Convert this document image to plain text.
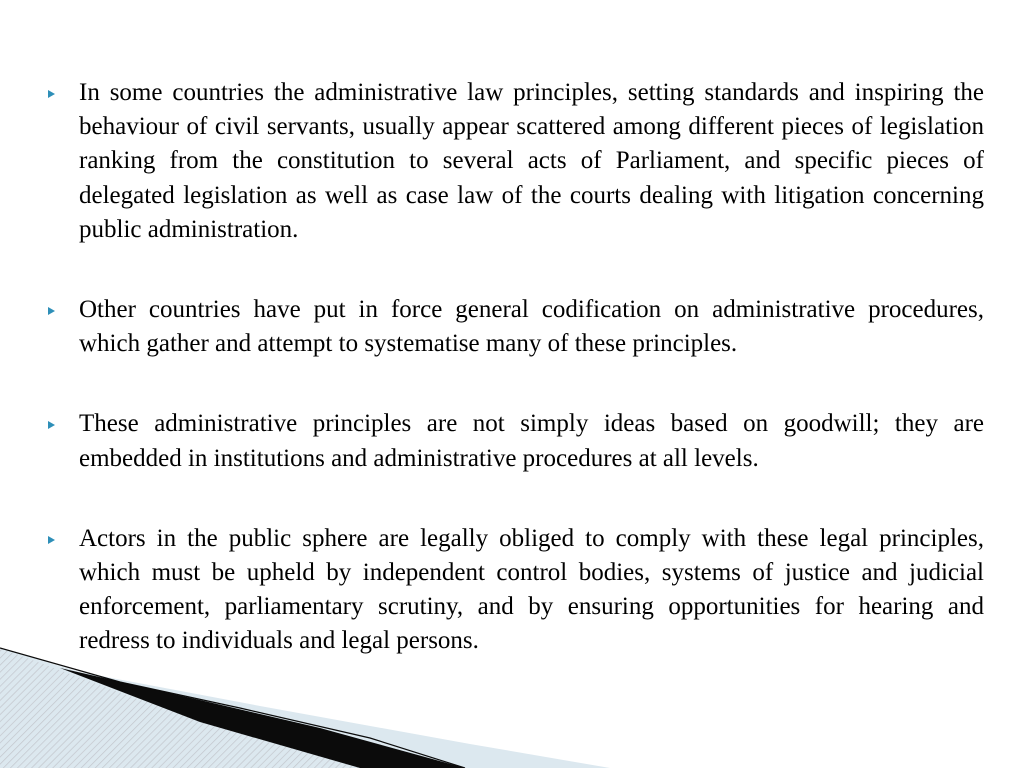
In some countries the administrative law principles, setting standards and inspiring the behaviour of civil servants, usually appear scattered among different pieces of legislation ranking from the constitution to several acts of Parliament, and specific pieces of delegated legislation as well as case law of the courts dealing with litigation concerning public administration.
Other countries have put in force general codification on administrative procedures, which gather and attempt to systematise many of these principles.
These administrative principles are not simply ideas based on goodwill; they are embedded in institutions and administrative procedures at all levels.
Actors in the public sphere are legally obliged to comply with these legal principles, which must be upheld by independent control bodies, systems of justice and judicial enforcement, parliamentary scrutiny, and by ensuring opportunities for hearing and redress to individuals and legal persons.
